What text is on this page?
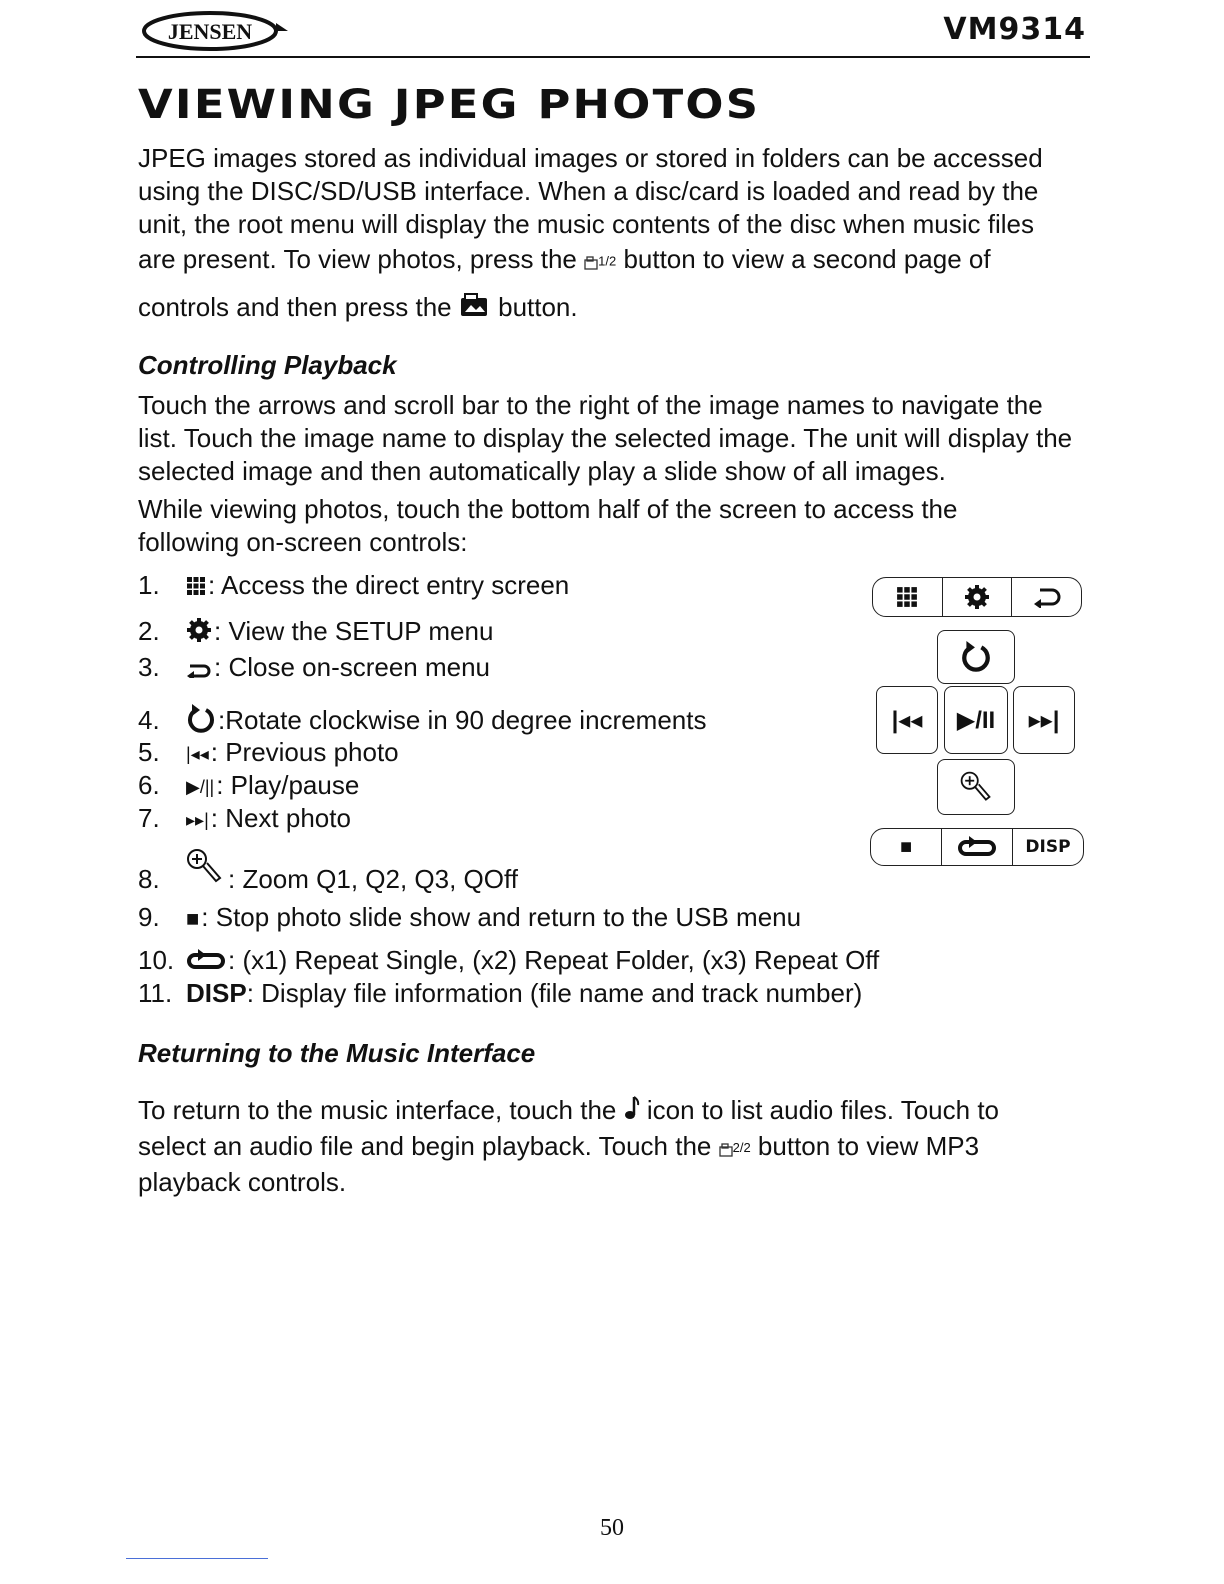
JENSEN	VM9314
VIEWING JPEG PHOTOS

JPEG images stored as individual images or stored in folders can be accessed

using the DISC/SD/USB interface. When a disc/card is loaded and read by the

unit, the root menu will display the music contents of the disc when music files

are present. To view photos, press the 1/2 button to view a second page of

controls and then press the button.

Controlling Playback
Touch the arrows and scroll bar to the right of the image names to navigate the list. Touch the image name to display the selected image. The unit will display the selected image and then automatically play a slide show of all images.
While viewing photos, touch the bottom half of the screen to access the following on-screen controls:
1. : Access the direct entry screen
2. : View the SETUP menu
3. : Close on-screen menu
4. :Rotate clockwise in 90 degree increments
5. |◂◂: Previous photo
6. ▶/||: Play/pause
7. ▸▸|: Next photo
8.	: Zoom Q1, Q2, Q3, QOff
9. ■: Stop photo slide show and return to the USB menu
10. : (x1) Repeat Single, (x2) Repeat Folder, (x3) Repeat Off
11. DISP: Display file information (file name and track number)
|◂◂ ▶/II ▸▸|
■	DISP
Returning to the Music Interface

To return to the music interface, touch the icon to list audio files. Touch to

select an audio file and begin playback. Touch the 2/2 button to view MP3

playback controls.

50
